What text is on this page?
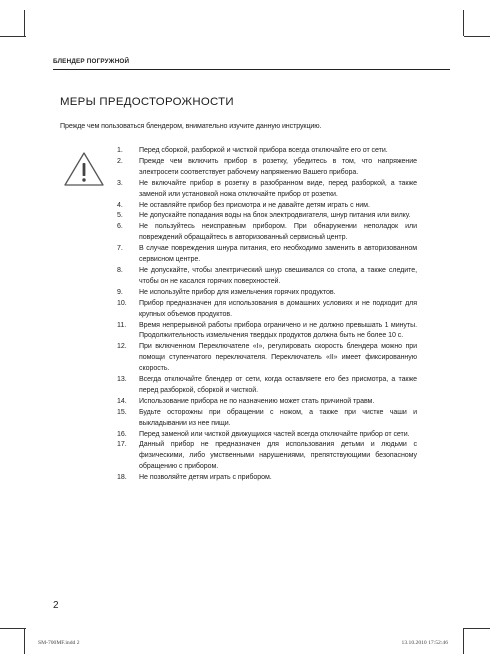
БЛЕНДЕР ПОГРУЖНОЙ
МЕРЫ ПРЕДОСТОРОЖНОСТИ
Прежде чем пользоваться блендером, внимательно изучите данную инструкцию.
1. Перед сборкой, разборкой и чисткой прибора всегда отключайте его от сети.
2. Прежде чем включить прибор в розетку, убедитесь в том, что напряжение электросети соответствует рабочему напряжению Вашего прибора.
3. Не включайте прибор в розетку в разобранном виде, перед разборкой, а также заменой или установкой ножа отключайте прибор от розетки.
4. Не оставляйте прибор без присмотра и не давайте детям играть с ним.
5. Не допускайте попадания воды на блок электродвигателя, шнур питания или вилку.
6. Не пользуйтесь неисправным прибором. При обнаружении неполадок или повреждений обращайтесь в авторизованный сервисный центр.
7. В случае повреждения шнура питания, его необходимо заменить в авторизованном сервисном центре.
8. Не допускайте, чтобы электрический шнур свешивался со стола, а также следите, чтобы он не касался горячих поверхностей.
9. Не используйте прибор для измельчения горячих продуктов.
10. Прибор предназначен для использования в домашних условиях и не подходит для крупных объемов продуктов.
11. Время непрерывной работы прибора ограничено и не должно превышать 1 минуты. Продолжительность измельчения твердых продуктов должна быть не более 10 с.
12. При включенном Переключателе «I», регулировать скорость блендера можно при помощи ступенчатого переключателя. Переключатель «II» имеет фиксированную скорость.
13. Всегда отключайте блендер от сети, когда оставляете его без присмотра, а также перед разборкой, сборкой и чисткой.
14. Использование прибора не по назначению может стать причиной травм.
15. Будьте осторожны при обращении с ножом, а также при чистке чаши и выкладывании из нее пищи.
16. Перед заменой или чисткой движущихся частей всегда отключайте прибор от сети.
17. Данный прибор не предназначен для использования детьми и людьми с физическими, либо умственными нарушениями, препятствующими безопасному обращению с прибором.
18. Не позволяйте детям играть с прибором.
2
SM-700MF.indd 2	13.10.2010 17:52:46
